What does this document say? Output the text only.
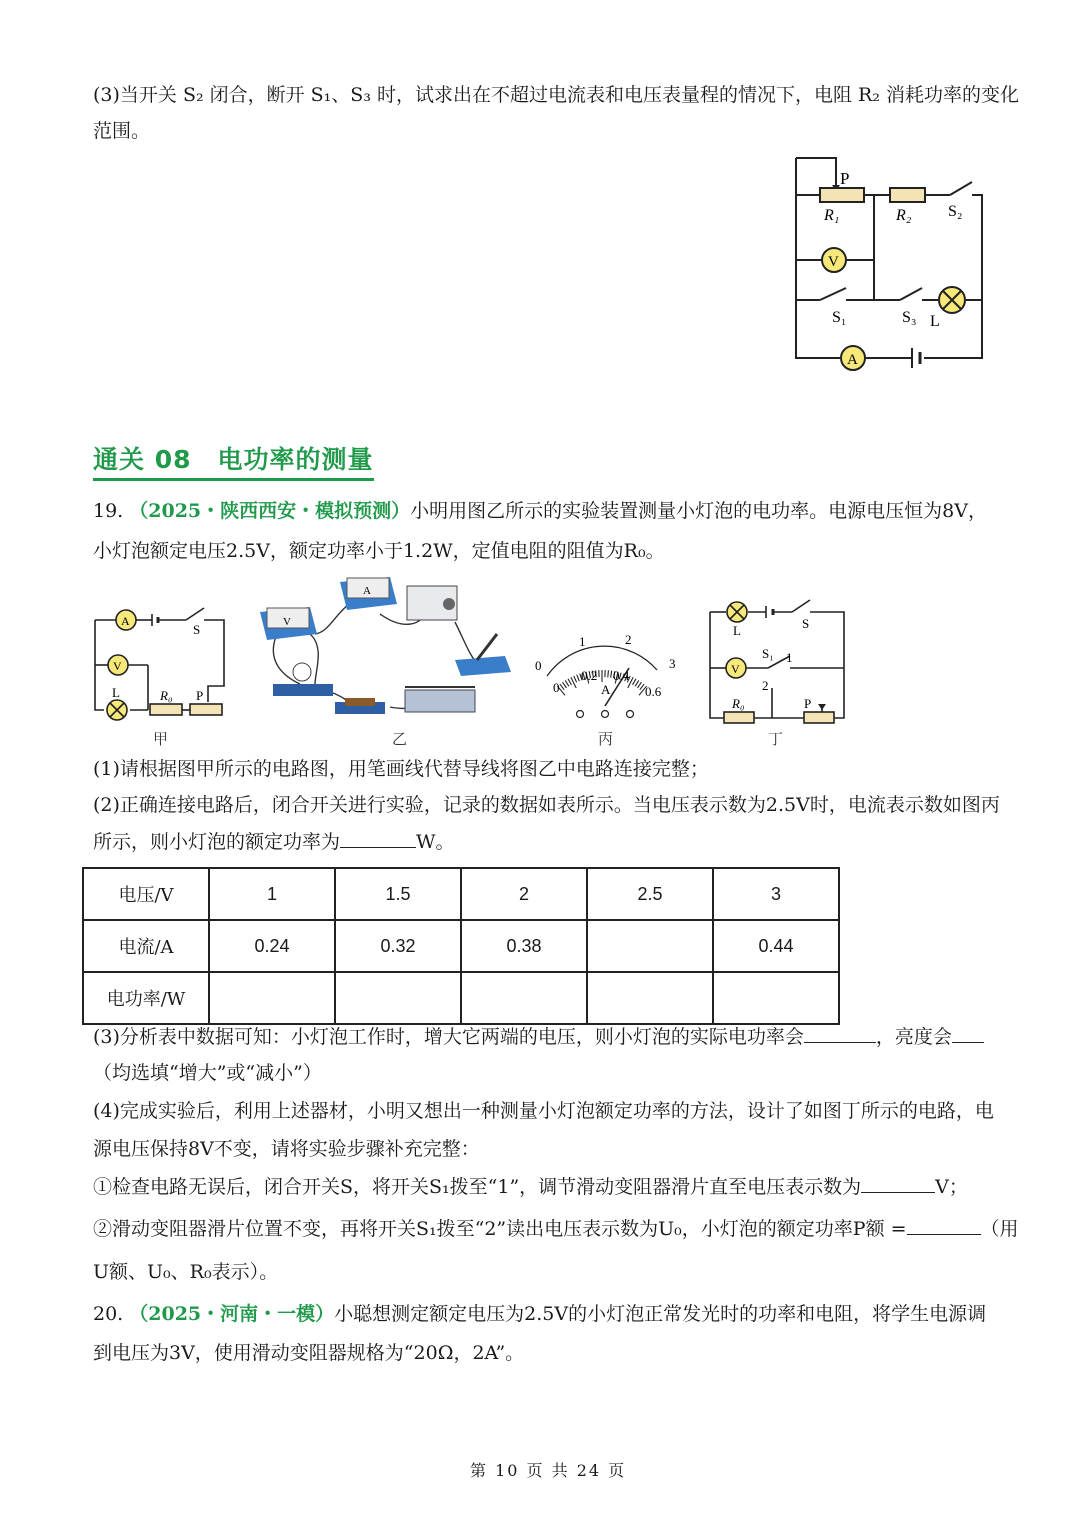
(3)当开关 S₂ 闭合，断开 S₁、S₃ 时，试求出在不超过电流表和电压表量程的情况下，电阻 R₂ 消耗功率的变化
范围。
P
R₁	R₂ S₂
V
S₁	S₃ L
A
通关 08　电功率的测量
19. （2025・陕西西安・模拟预测）小明用图乙所示的实验装置测量小灯泡的电功率。电源电压恒为8V，
小灯泡额定电压2.5V，额定功率小于1.2W，定值电阻的阻值为R₀。
A
S
V
L	R₀ P
V
A
0
1	2
3
0
0.2 0.4
0.6
A
L	S
V
S₁ 1
2
R₀	P
甲	乙	丙	丁
(1)请根据图甲所示的电路图，用笔画线代替导线将图乙中电路连接完整；
(2)正确连接电路后，闭合开关进行实验，记录的数据如表所示。当电压表示数为2.5V时，电流表示数如图丙
所示，则小灯泡的额定功率为	W。
电压/V	1	1.5	2	2.5	3
电流/A	0.24	0.32	0.38		0.44
电功率/W					
(3)分析表中数据可知：小灯泡工作时，增大它两端的电压，则小灯泡的实际电功率会	，亮度会
（均选填“增大”或“减小”）
(4)完成实验后，利用上述器材，小明又想出一种测量小灯泡额定功率的方法，设计了如图丁所示的电路，电
源电压保持8V不变，请将实验步骤补充完整：
①检查电路无误后，闭合开关S，将开关S₁拨至“1”，调节滑动变阻器滑片直至电压表示数为	V；
②滑动变阻器滑片位置不变，再将开关S₁拨至“2”读出电压表示数为U₀，小灯泡的额定功率P额 =	（用
U额、U₀、R₀表示）。
20. （2025・河南・一模）小聪想测定额定电压为2.5V的小灯泡正常发光时的功率和电阻，将学生电源调
到电压为3V，使用滑动变阻器规格为“20Ω，2A”。
第 10 页 共 24 页
